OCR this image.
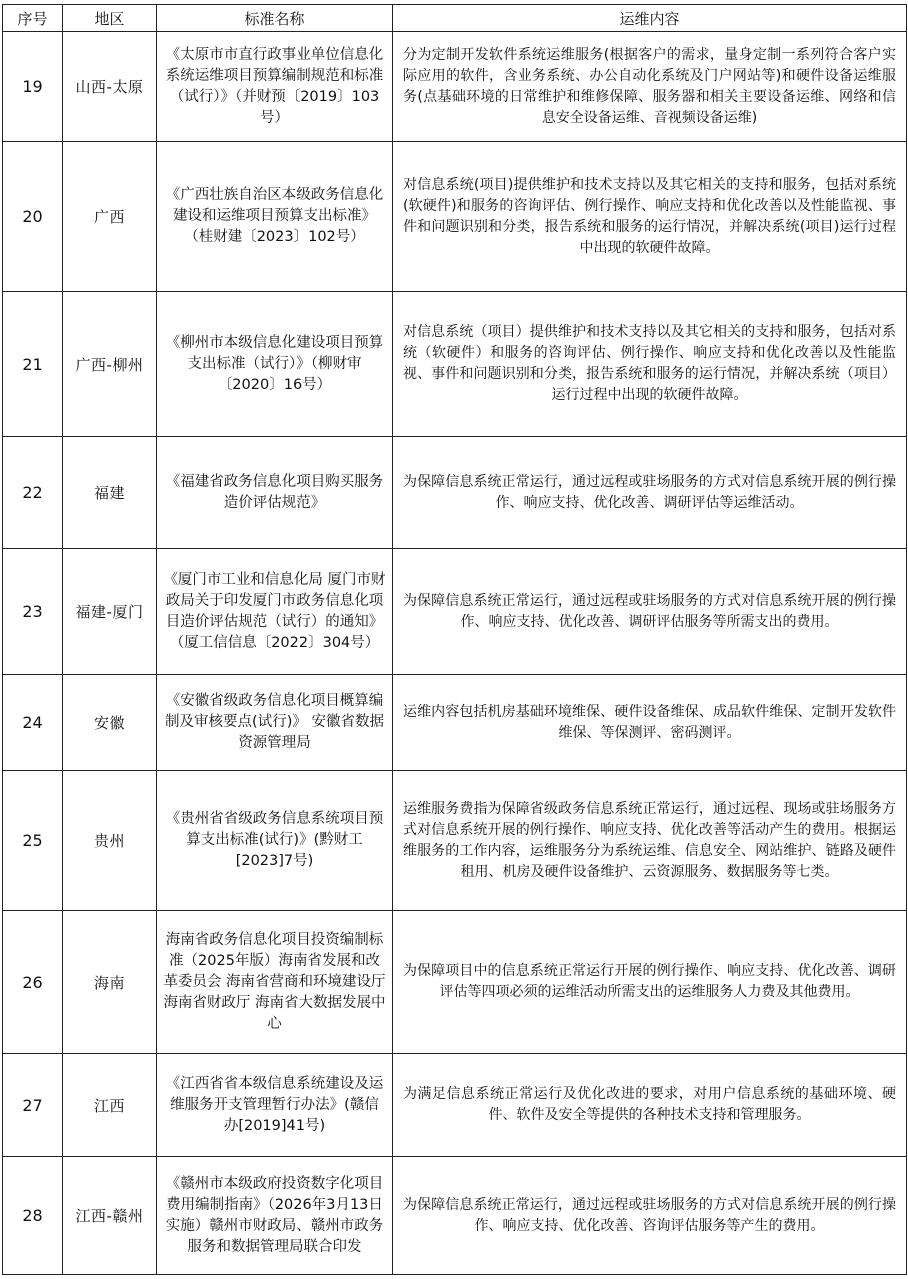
序号	地区	标准名称	运维内容
19	山西-太原	《太原市市直行政事业单位信息化系统运维项目预算编制规范和标准（试行）》（并财预〔2019〕103号）	分为定制开发软件系统运维服务(根据客户的需求，量身定制一系列符合客户实际应用的软件，含业务系统、办公自动化系统及门户网站等)和硬件设备运维服务(点基础环境的日常维护和维修保障、服务器和相关主要设备运维、网络和信息安全设备运维、音视频设备运维)

20	广西	《广西壮族自治区本级政务信息化建设和运维项目预算支出标准》（桂财建〔2023〕102号）	对信息系统(项目)提供维护和技术支持以及其它相关的支持和服务，包括对系统(软硬件)和服务的咨询评估、例行操作、响应支持和优化改善以及性能监视、事件和问题识别和分类，报告系统和服务的运行情况，并解决系统(项目)运行过程中出现的软硬件故障。

21	广西-柳州	《柳州市本级信息化建设项目预算支出标准（试行）》（柳财审〔2020〕16号）	对信息系统（项目）提供维护和技术支持以及其它相关的支持和服务，包括对系统（软硬件）和服务的咨询评估、例行操作、响应支持和优化改善以及性能监视、事件和问题识别和分类，报告系统和服务的运行情况，并解决系统（项目）运行过程中出现的软硬件故障。

22	福建	《福建省政务信息化项目购买服务造价评估规范》	为保障信息系统正常运行，通过远程或驻场服务的方式对信息系统开展的例行操作、响应支持、优化改善、调研评估等运维活动。

23	福建-厦门	《厦门市工业和信息化局 厦门市财政局关于印发厦门市政务信息化项目造价评估规范（试行）的通知》（厦工信信息〔2022〕304号）	为保障信息系统正常运行，通过远程或驻场服务的方式对信息系统开展的例行操作、响应支持、优化改善、调研评估服务等所需支出的费用。

24	安徽	《安徽省级政务信息化项目概算编制及审核要点(试行)》 安徽省数据资源管理局	运维内容包括机房基础环境维保、硬件设备维保、成品软件维保、定制开发软件维保、等保测评、密码测评。

25	贵州	《贵州省省级政务信息系统项目预算支出标准(试行)》(黔财工[2023]7号)	运维服务费指为保障省级政务信息系统正常运行，通过远程、现场或驻场服务方式对信息系统开展的例行操作、响应支持、优化改善等活动产生的费用。根据运维服务的工作内容，运维服务分为系统运维、信息安全、网站维护、链路及硬件租用、机房及硬件设备维护、云资源服务、数据服务等七类。

26	海南	海南省政务信息化项目投资编制标准（2025年版）海南省发展和改革委员会 海南省营商和环境建设厅 海南省财政厅 海南省大数据发展中心	为保障项目中的信息系统正常运行开展的例行操作、响应支持、优化改善、调研评估等四项必须的运维活动所需支出的运维服务人力费及其他费用。

27	江西	《江西省省本级信息系统建设及运维服务开支管理暂行办法》(赣信办[2019]41号)	为满足信息系统正常运行及优化改进的要求，对用户信息系统的基础环境、硬件、软件及安全等提供的各种技术支持和管理服务。

28	江西-赣州	《赣州市本级政府投资数字化项目费用编制指南》（2026年3月13日实施）赣州市财政局、赣州市政务服务和数据管理局联合印发	为保障信息系统正常运行，通过远程或驻场服务的方式对信息系统开展的例行操作、响应支持、优化改善、咨询评估服务等产生的费用。
